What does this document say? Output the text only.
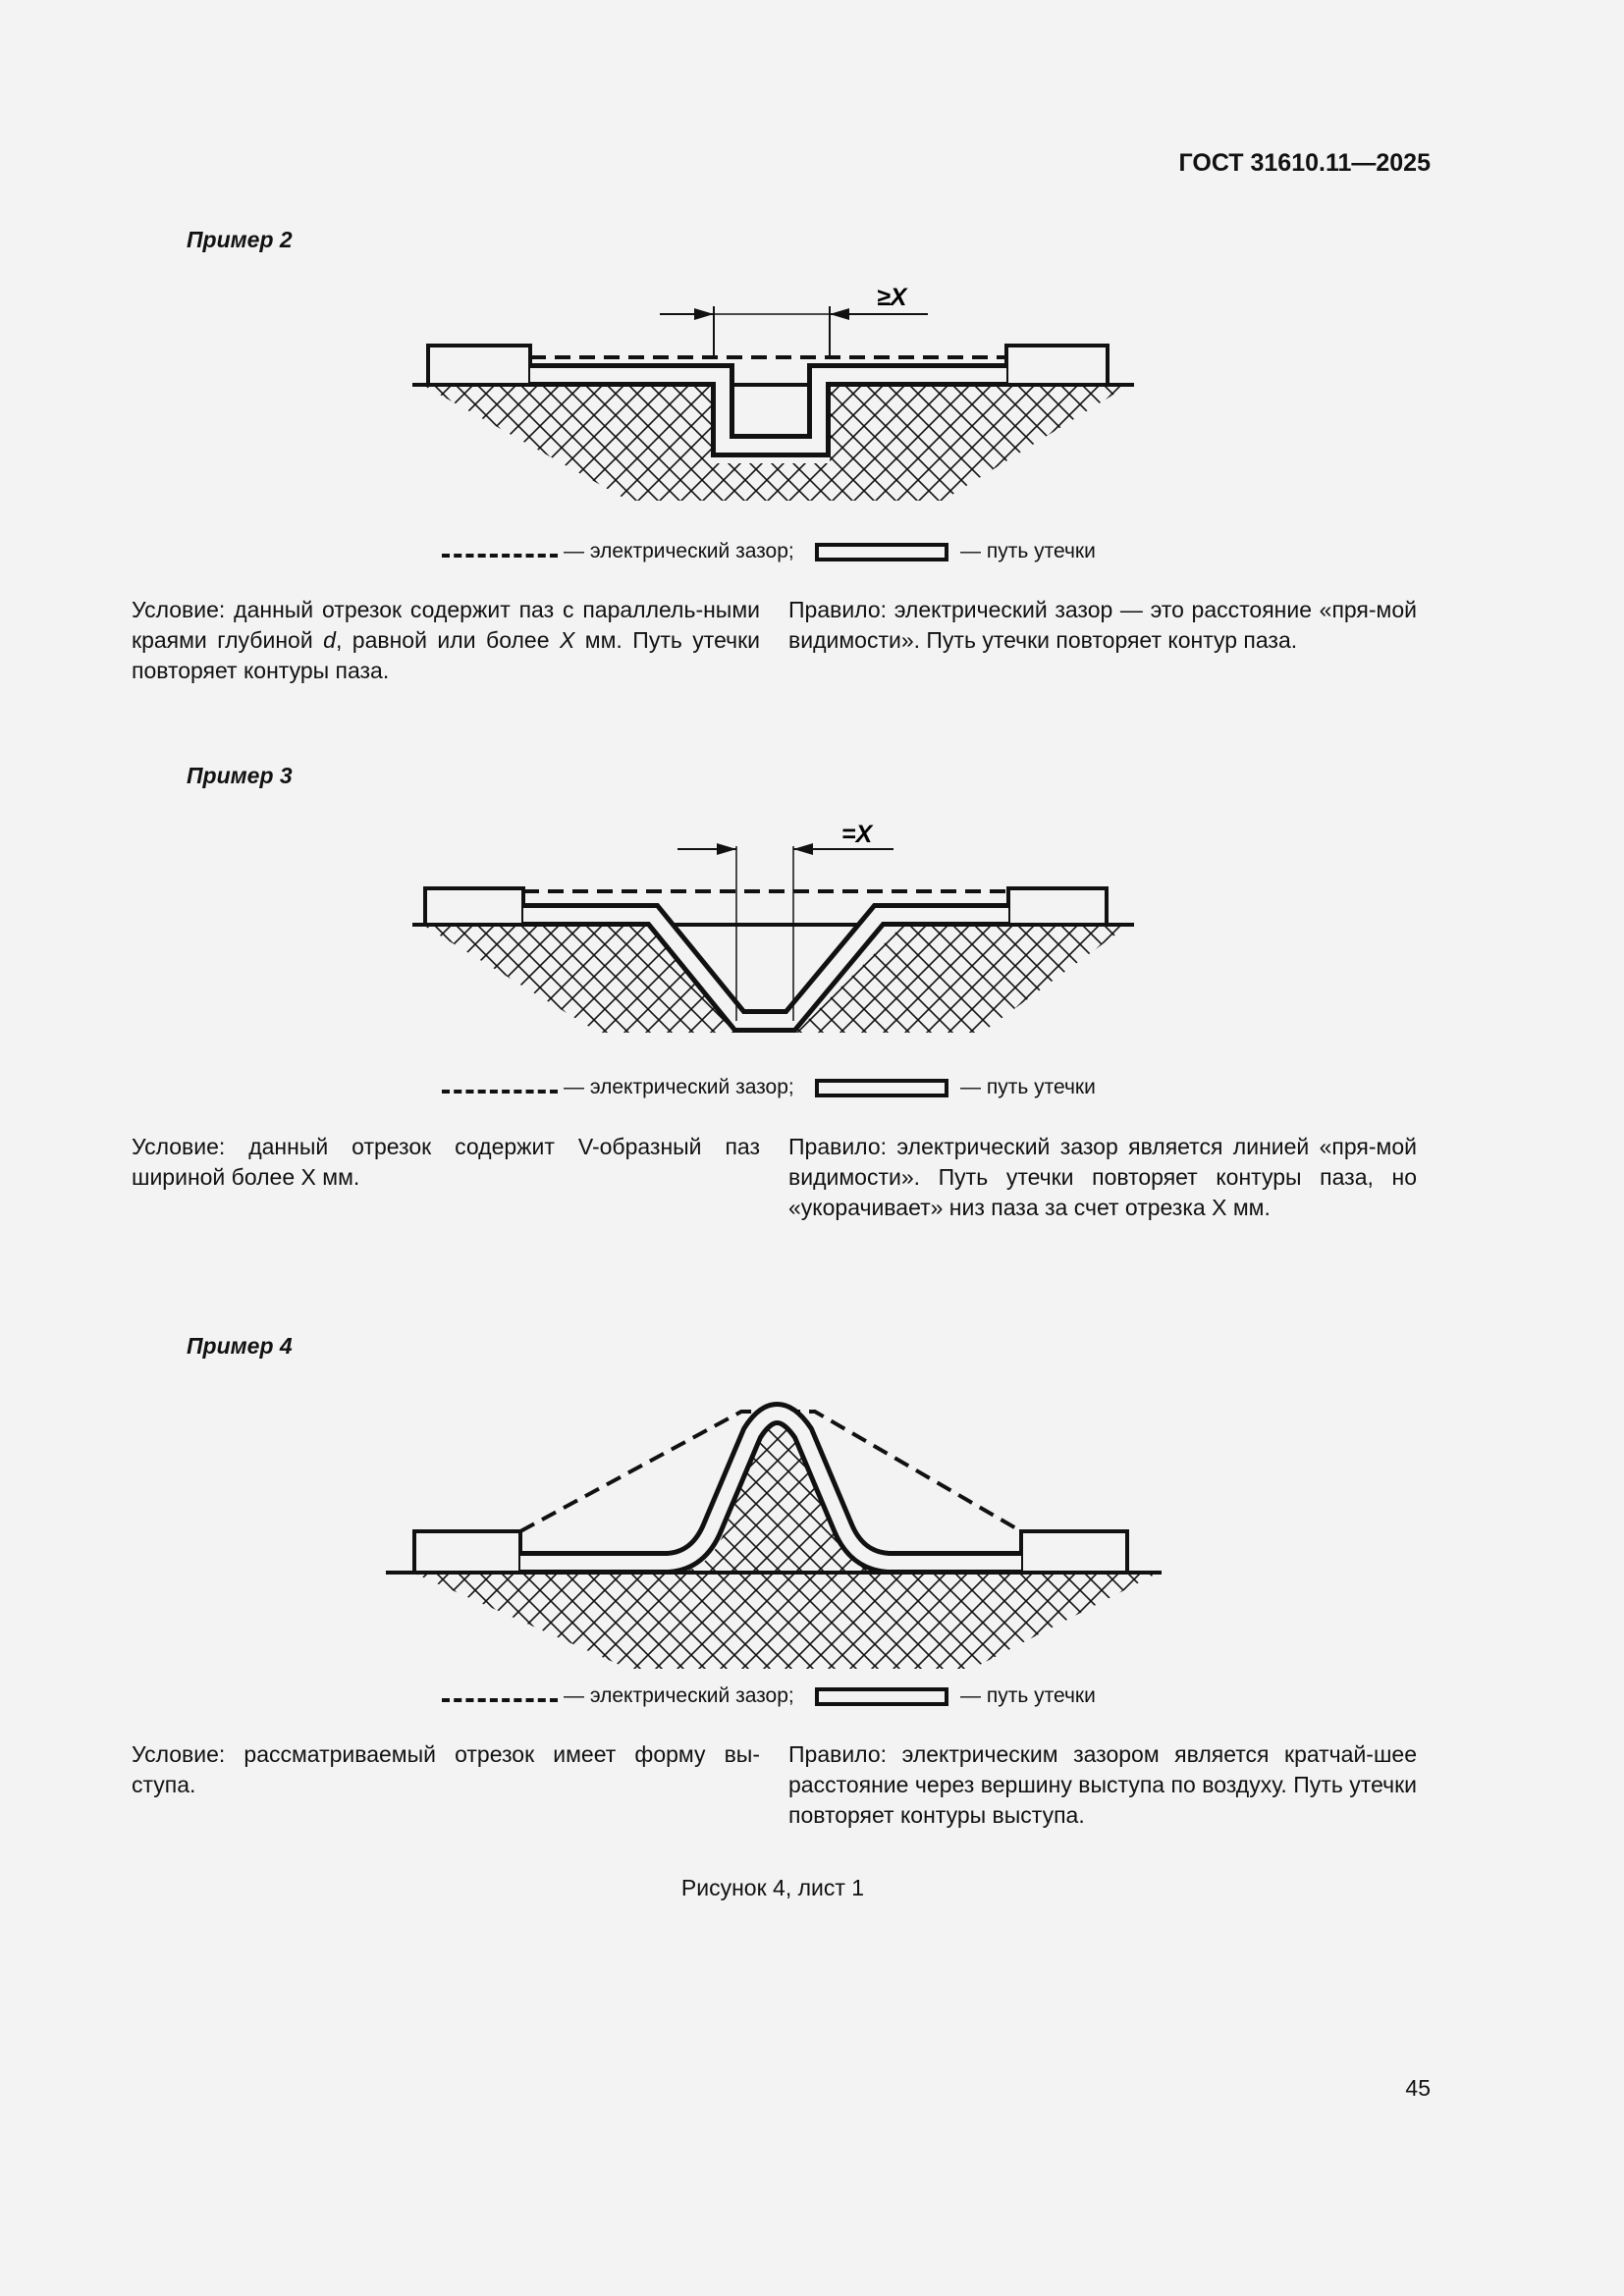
ГОСТ 31610.11—2025
Пример 2
≥X
— электрический зазор;	— путь утечки

Условие: данный отрезок содержит паз с параллель-ными краями глубиной d, равной или более X мм. Путь утечки повторяет контуры паза.

Правило: электрический зазор — это расстояние «пря-мой видимости». Путь утечки повторяет контур паза.

Пример 3
=X
— электрический зазор;	— путь утечки

Условие: данный отрезок содержит V-образный паз шириной более Х мм.

Правило: электрический зазор является линией «пря-мой видимости». Путь утечки повторяет контуры паза, но «укорачивает» низ паза за счет отрезка Х мм.

Пример 4
— электрический зазор;	— путь утечки

Условие: рассматриваемый отрезок имеет форму вы-ступа.

Правило: электрическим зазором является кратчай-шее расстояние через вершину выступа по воздуху. Путь утечки повторяет контуры выступа.

Рисунок 4, лист 1
45
